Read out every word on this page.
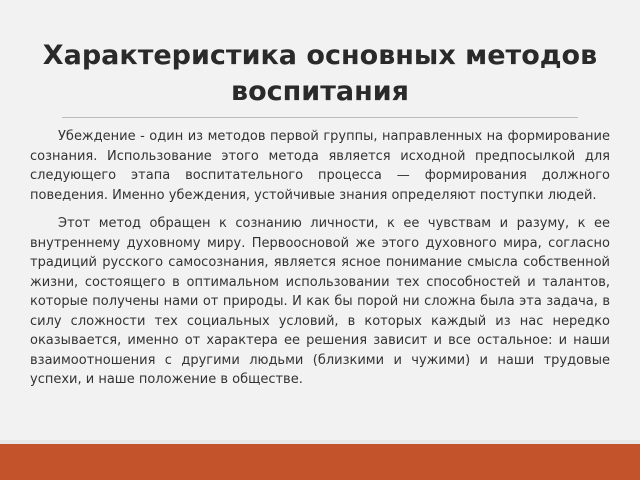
Характеристика основных методов воспитания

Убеждение - один из методов первой группы, направленных на формирование сознания. Использование этого метода является исходной предпосылкой для следующего этапа воспитательного процесса — формирования должного поведения. Именно убеждения, устойчивые знания определяют поступки людей.

Этот метод обращен к сознанию личности, к ее чувствам и разуму, к ее внутреннему духовному миру. Первоосновой же этого духовного мира, согласно традиций русского самосознания, является ясное понимание смысла собственной жизни, состоящего в оптимальном использовании тех способностей и талантов, которые получены нами от природы. И как бы порой ни сложна была эта задача, в силу сложности тех социальных условий, в которых каждый из нас нередко оказывается, именно от характера ее решения зависит и все остальное: и наши взаимоотношения с другими людьми (близкими и чужими) и наши трудовые успехи, и наше положение в обществе.
